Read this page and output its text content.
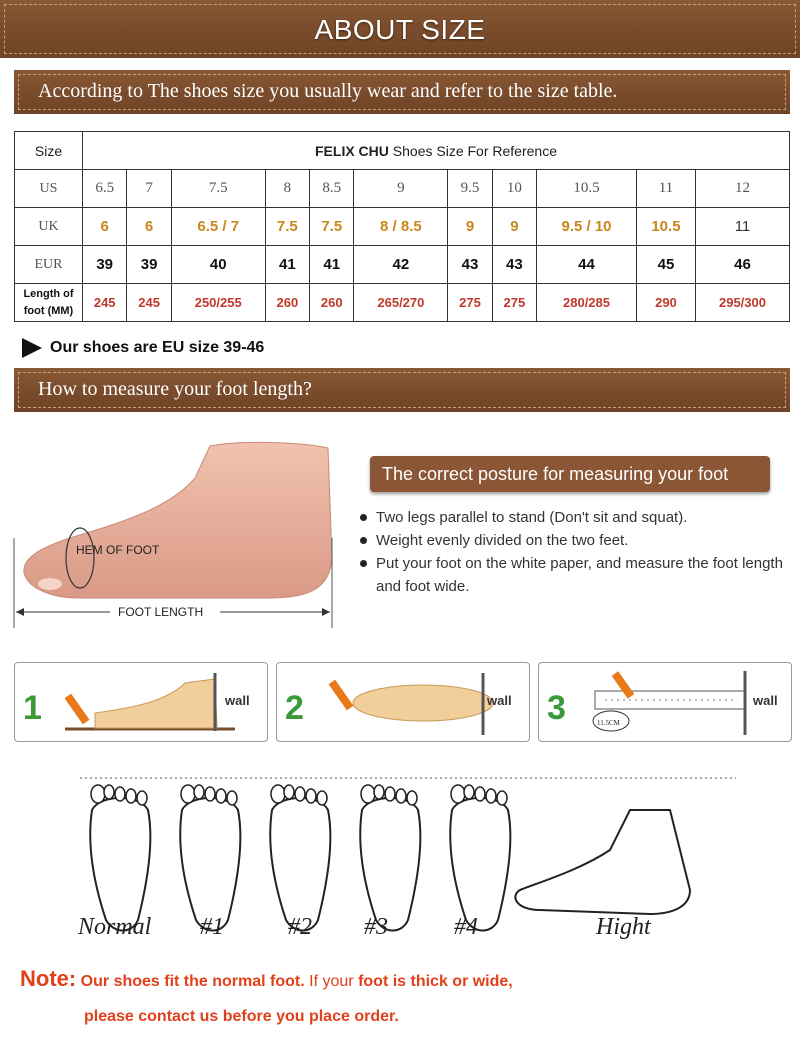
ABOUT SIZE
According to The shoes size you usually wear and refer to the size table.
Size	FELIX CHU Shoes Size For Reference										
US	6.5	7	7.5	8	8.5	9	9.5	10	10.5	11	12
UK	6	6	6.5 / 7	7.5	7.5	8 / 8.5	9	9	9.5 / 10	10.5	11
EUR	39	39	40	41	41	42	43	43	44	45	46
Length of foot (MM)	245	245	250/255	260	260	265/270	275	275	280/285	290	295/300
Our shoes are EU size 39-46
How to measure your foot length?
HEM OF FOOT
FOOT LENGTH
The correct posture for measuring your foot
Two legs parallel to stand (Don't sit and squat).
Weight evenly divided on the two feet.
Put your foot on the white paper, and measure the foot length and foot wide.
1	wall 2	wall 3	11.5CM
wall
Normal #1	#2 #3	#4	Hight
Note: Our shoes fit the normal foot. If your foot is thick or wide,
please contact us before you place order.
